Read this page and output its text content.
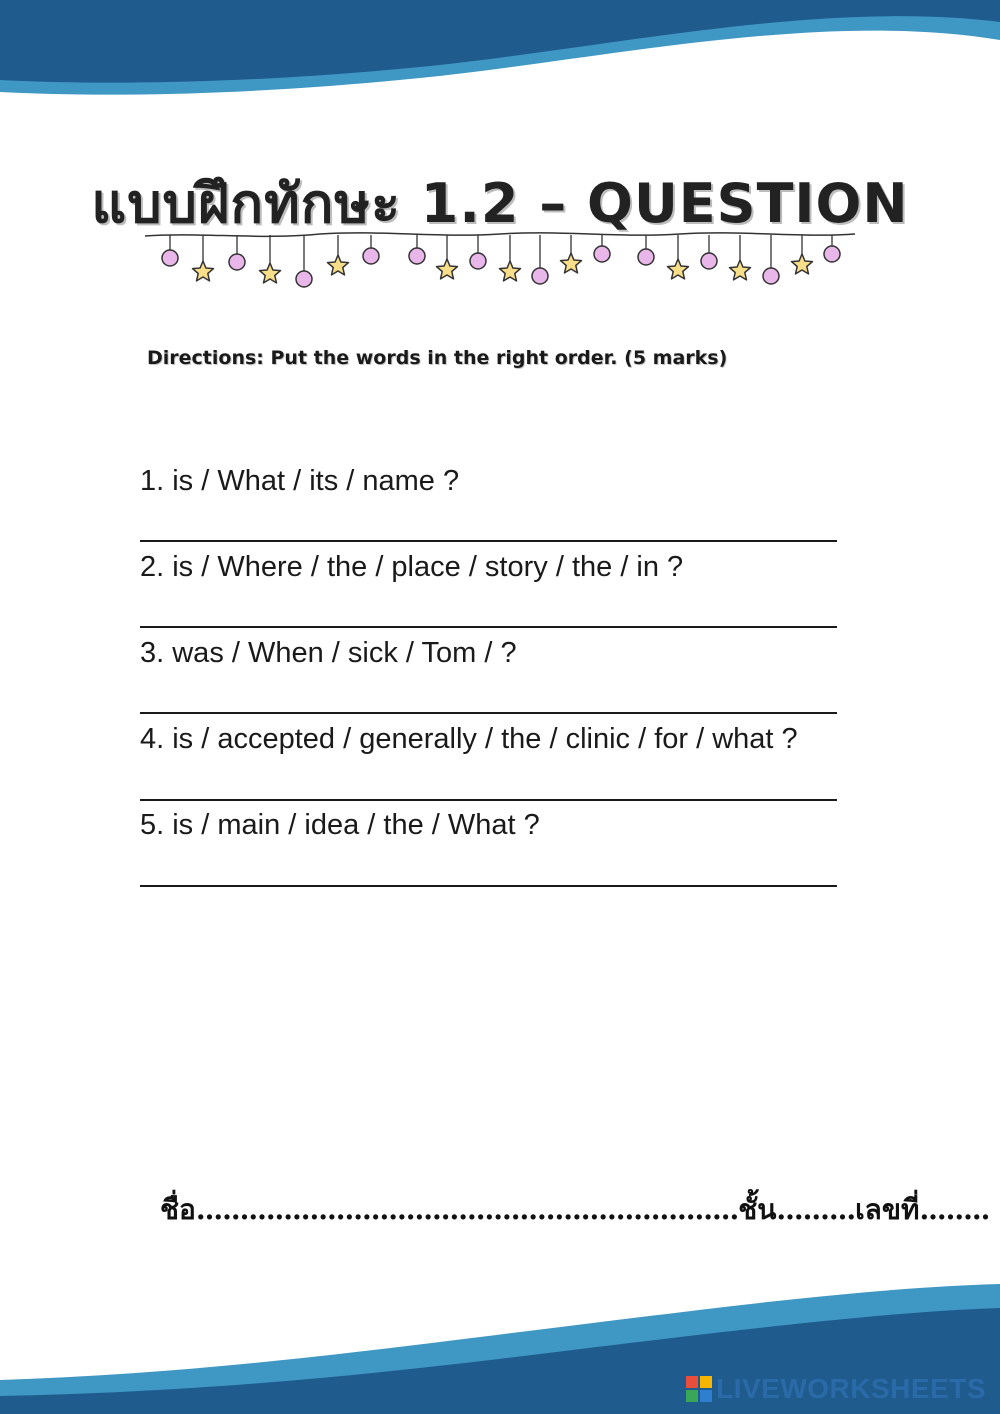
แบบฝึกทักษะ 1.2 – QUESTION
Directions: Put the words in the right order. (5 marks)
1. is / What / its / name ?
2. is / Where / the / place / story / the / in ?
3. was / When / sick / Tom / ?
4. is / accepted / generally / the / clinic / for / what ?
5. is / main / idea / the / What ?
ชื่อ..............................................................ชั้น.........เลขที่........
LIVEWORKSHEETS
